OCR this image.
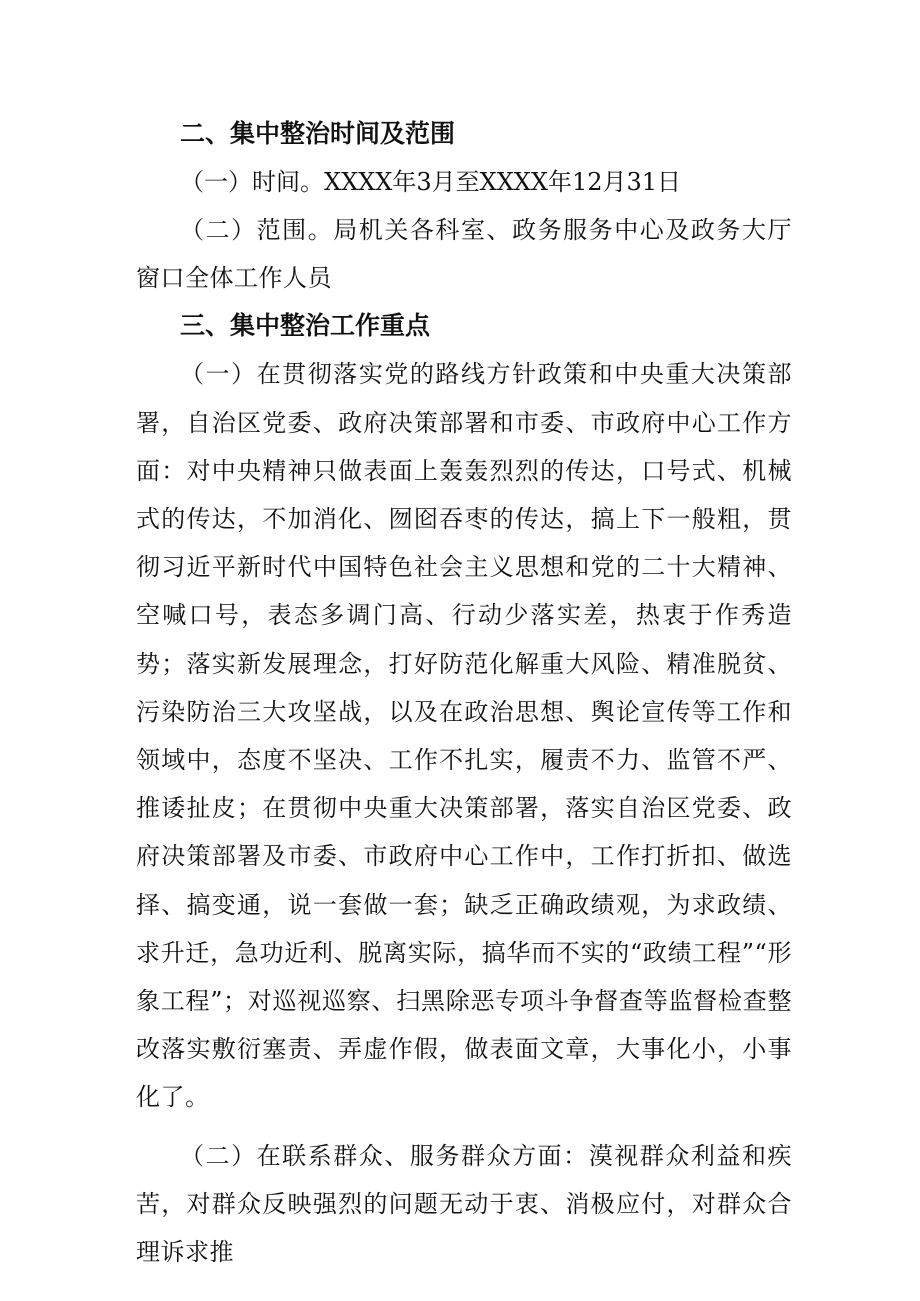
二、集中整治时间及范围

（一）时间。XXXX年3月至XXXX年12月31日

（二）范围。局机关各科室、政务服务中心及政务大厅窗口全体工作人员

三、集中整治工作重点

（一）在贯彻落实党的路线方针政策和中央重大决策部署，自治区党委、政府决策部署和市委、市政府中心工作方面：对中央精神只做表面上轰轰烈烈的传达，口号式、机械式的传达，不加消化、囫囵吞枣的传达，搞上下一般粗，贯彻习近平新时代中国特色社会主义思想和党的二十大精神、空喊口号，表态多调门高、行动少落实差，热衷于作秀造势；落实新发展理念，打好防范化解重大风险、精准脱贫、污染防治三大攻坚战，以及在政治思想、舆论宣传等工作和领域中，态度不坚决、工作不扎实，履责不力、监管不严、推诿扯皮；在贯彻中央重大决策部署，落实自治区党委、政府决策部署及市委、市政府中心工作中，工作打折扣、做选择、搞变通，说一套做一套；缺乏正确政绩观，为求政绩、求升迁，急功近利、脱离实际，搞华而不实的“政绩工程”“形象工程”；对巡视巡察、扫黑除恶专项斗争督查等监督检查整改落实敷衍塞责、弄虚作假，做表面文章，大事化小，小事化了。

（二）在联系群众、服务群众方面：漠视群众利益和疾苦，对群众反映强烈的问题无动于衷、消极应付，对群众合理诉求推
